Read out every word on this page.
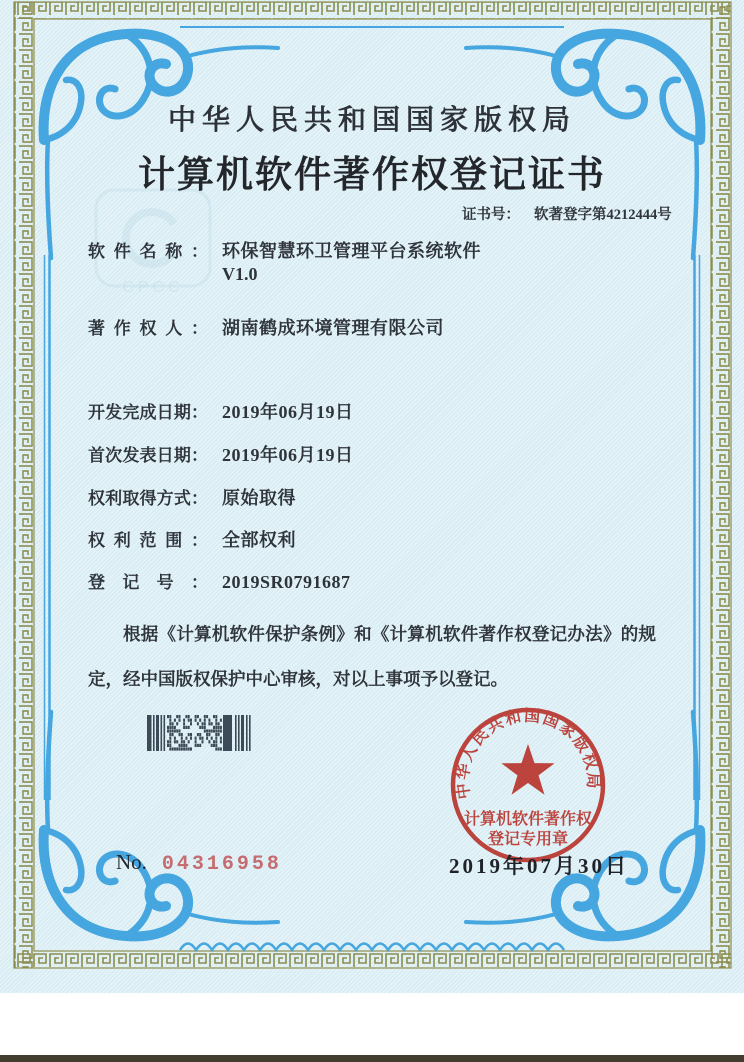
CPCC
中华人民共和国国家版权局
计算机软件著作权登记证书
证书号： 软著登字第4212444号
软件名称： 环保智慧环卫管理平台系统软件
V1.0
著作权人： 湖南鹤成环境管理有限公司
开发完成日期： 2019年06月19日
首次发表日期： 2019年06月19日
权利取得方式： 原始取得
权利范围： 全部权利
登记号： 2019SR0791687
根据《计算机软件保护条例》和《计算机软件著作权登记办法》的规定，经中国版权保护中心审核，对以上事项予以登记。
中华人民共和国国家版权局
计算机软件著作权
登记专用章
2019年07月30日
No. 04316958
